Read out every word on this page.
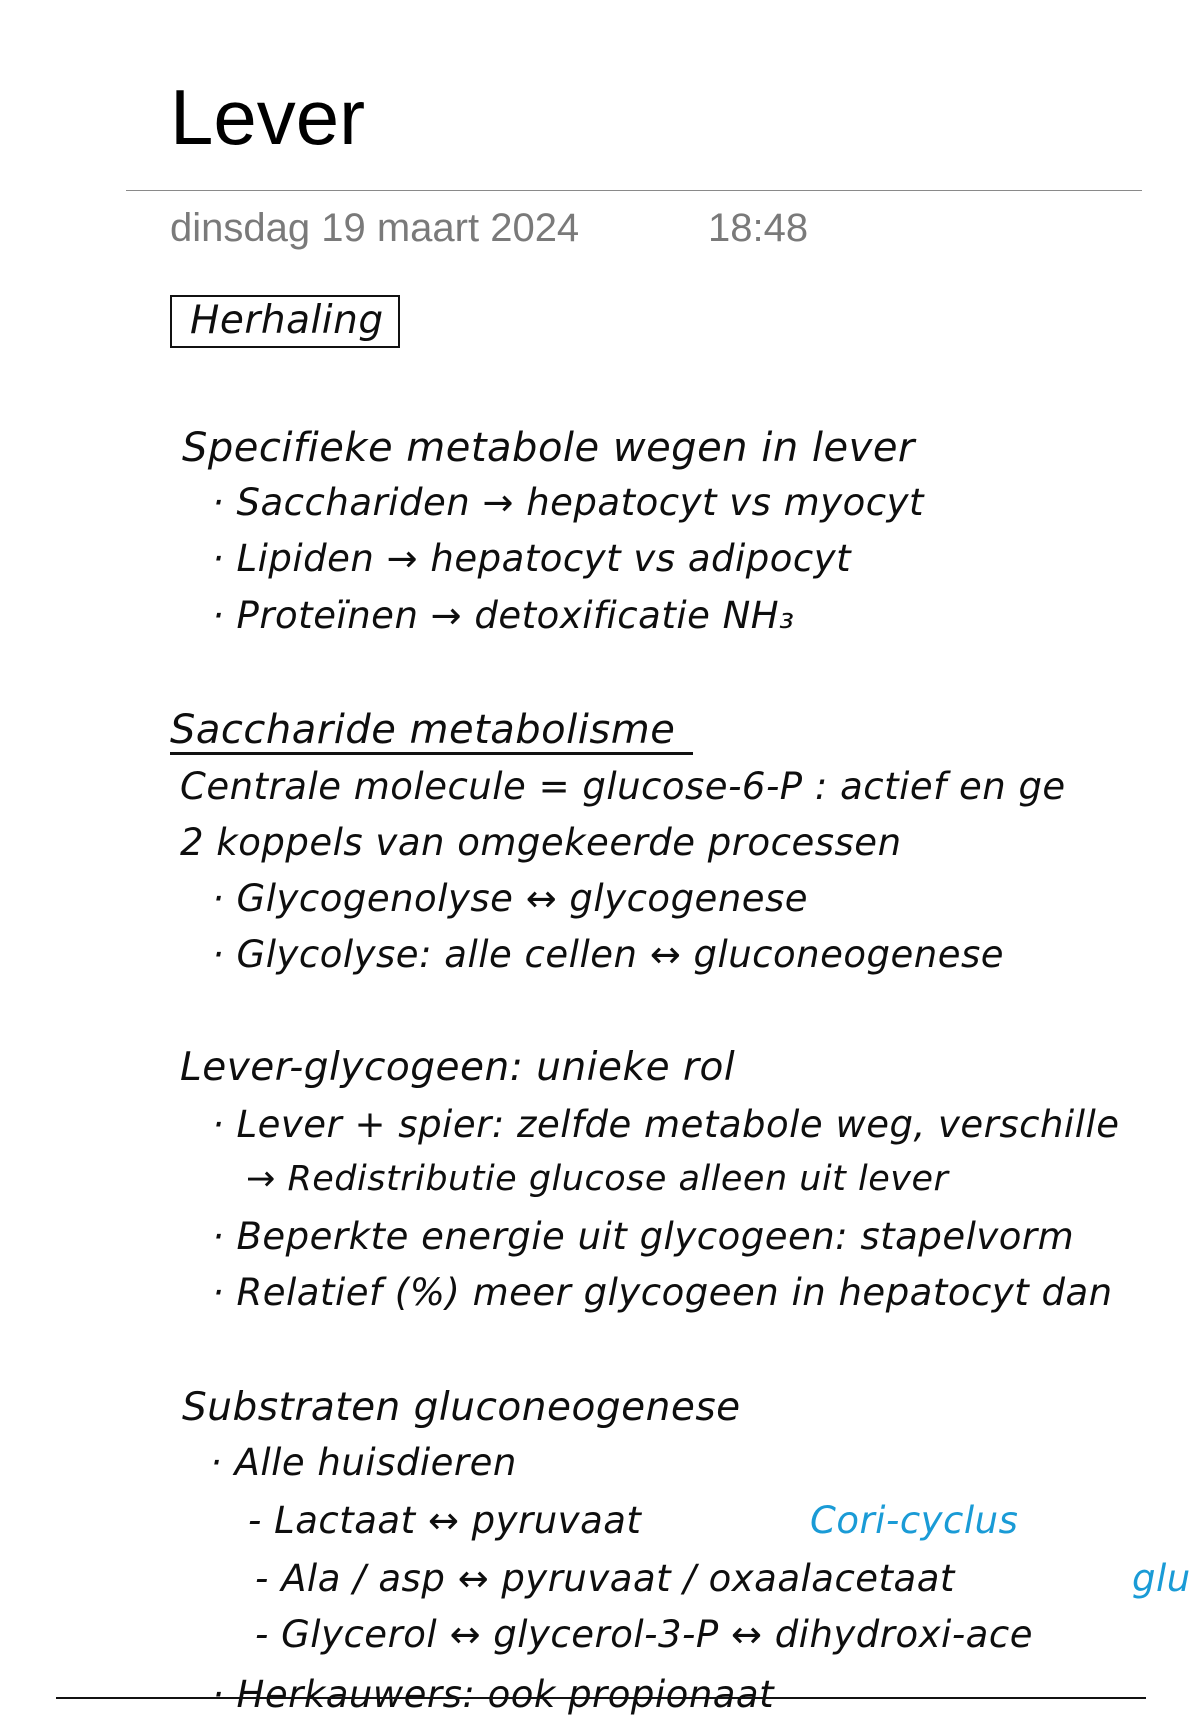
Lever
dinsdag 19 maart 2024	18:48
Herhaling
Specifieke metabole wegen in lever
· Sacchariden → hepatocyt vs myocyt
· Lipiden → hepatocyt vs adipocyt
· Proteïnen → detoxificatie NH₃
Saccharide metabolisme
Centrale molecule = glucose-6-P : actief en ge
2 koppels van omgekeerde processen
· Glycogenolyse ↔ glycogenese
· Glycolyse: alle cellen ↔ gluconeogenese
Lever-glycogeen: unieke rol
· Lever + spier: zelfde metabole weg, verschille
→ Redistributie glucose alleen uit lever
· Beperkte energie uit glycogeen: stapelvorm
· Relatief (%) meer glycogeen in hepatocyt dan
Substraten gluconeogenese
· Alle huisdieren
- Lactaat ↔ pyruvaat	Cori-cyclus
- Ala / asp ↔ pyruvaat / oxaalacetaat	glu
- Glycerol ↔ glycerol-3-P ↔ dihydroxi-ace
· Herkauwers: ook propionaat
